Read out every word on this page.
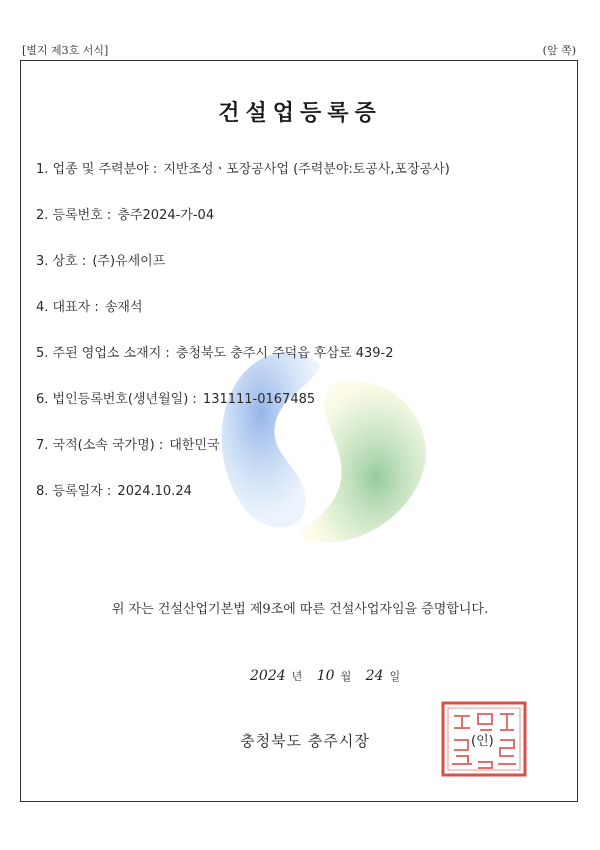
[별지 제3호 서식]	(앞 쪽)
건설업등록증
1. 업종 및 주력분야 : 지반조성ㆍ포장공사업 (주력분야:토공사,포장공사)
2. 등록번호 : 충주2024-가-04
3. 상호 : (주)유세이프
4. 대표자 : 송재석
5. 주된 영업소 소재지 : 충청북도 충주시 주덕읍 후삼로 439-2
6. 법인등록번호(생년월일) : 131111-0167485
7. 국적(소속 국가명) : 대한민국
8. 등록일자 : 2024.10.24
위 자는 건설산업기본법 제9조에 따른 건설사업자임을 증명합니다.
2024 년 10 월 24 일
충청북도 충주시장	(인)
